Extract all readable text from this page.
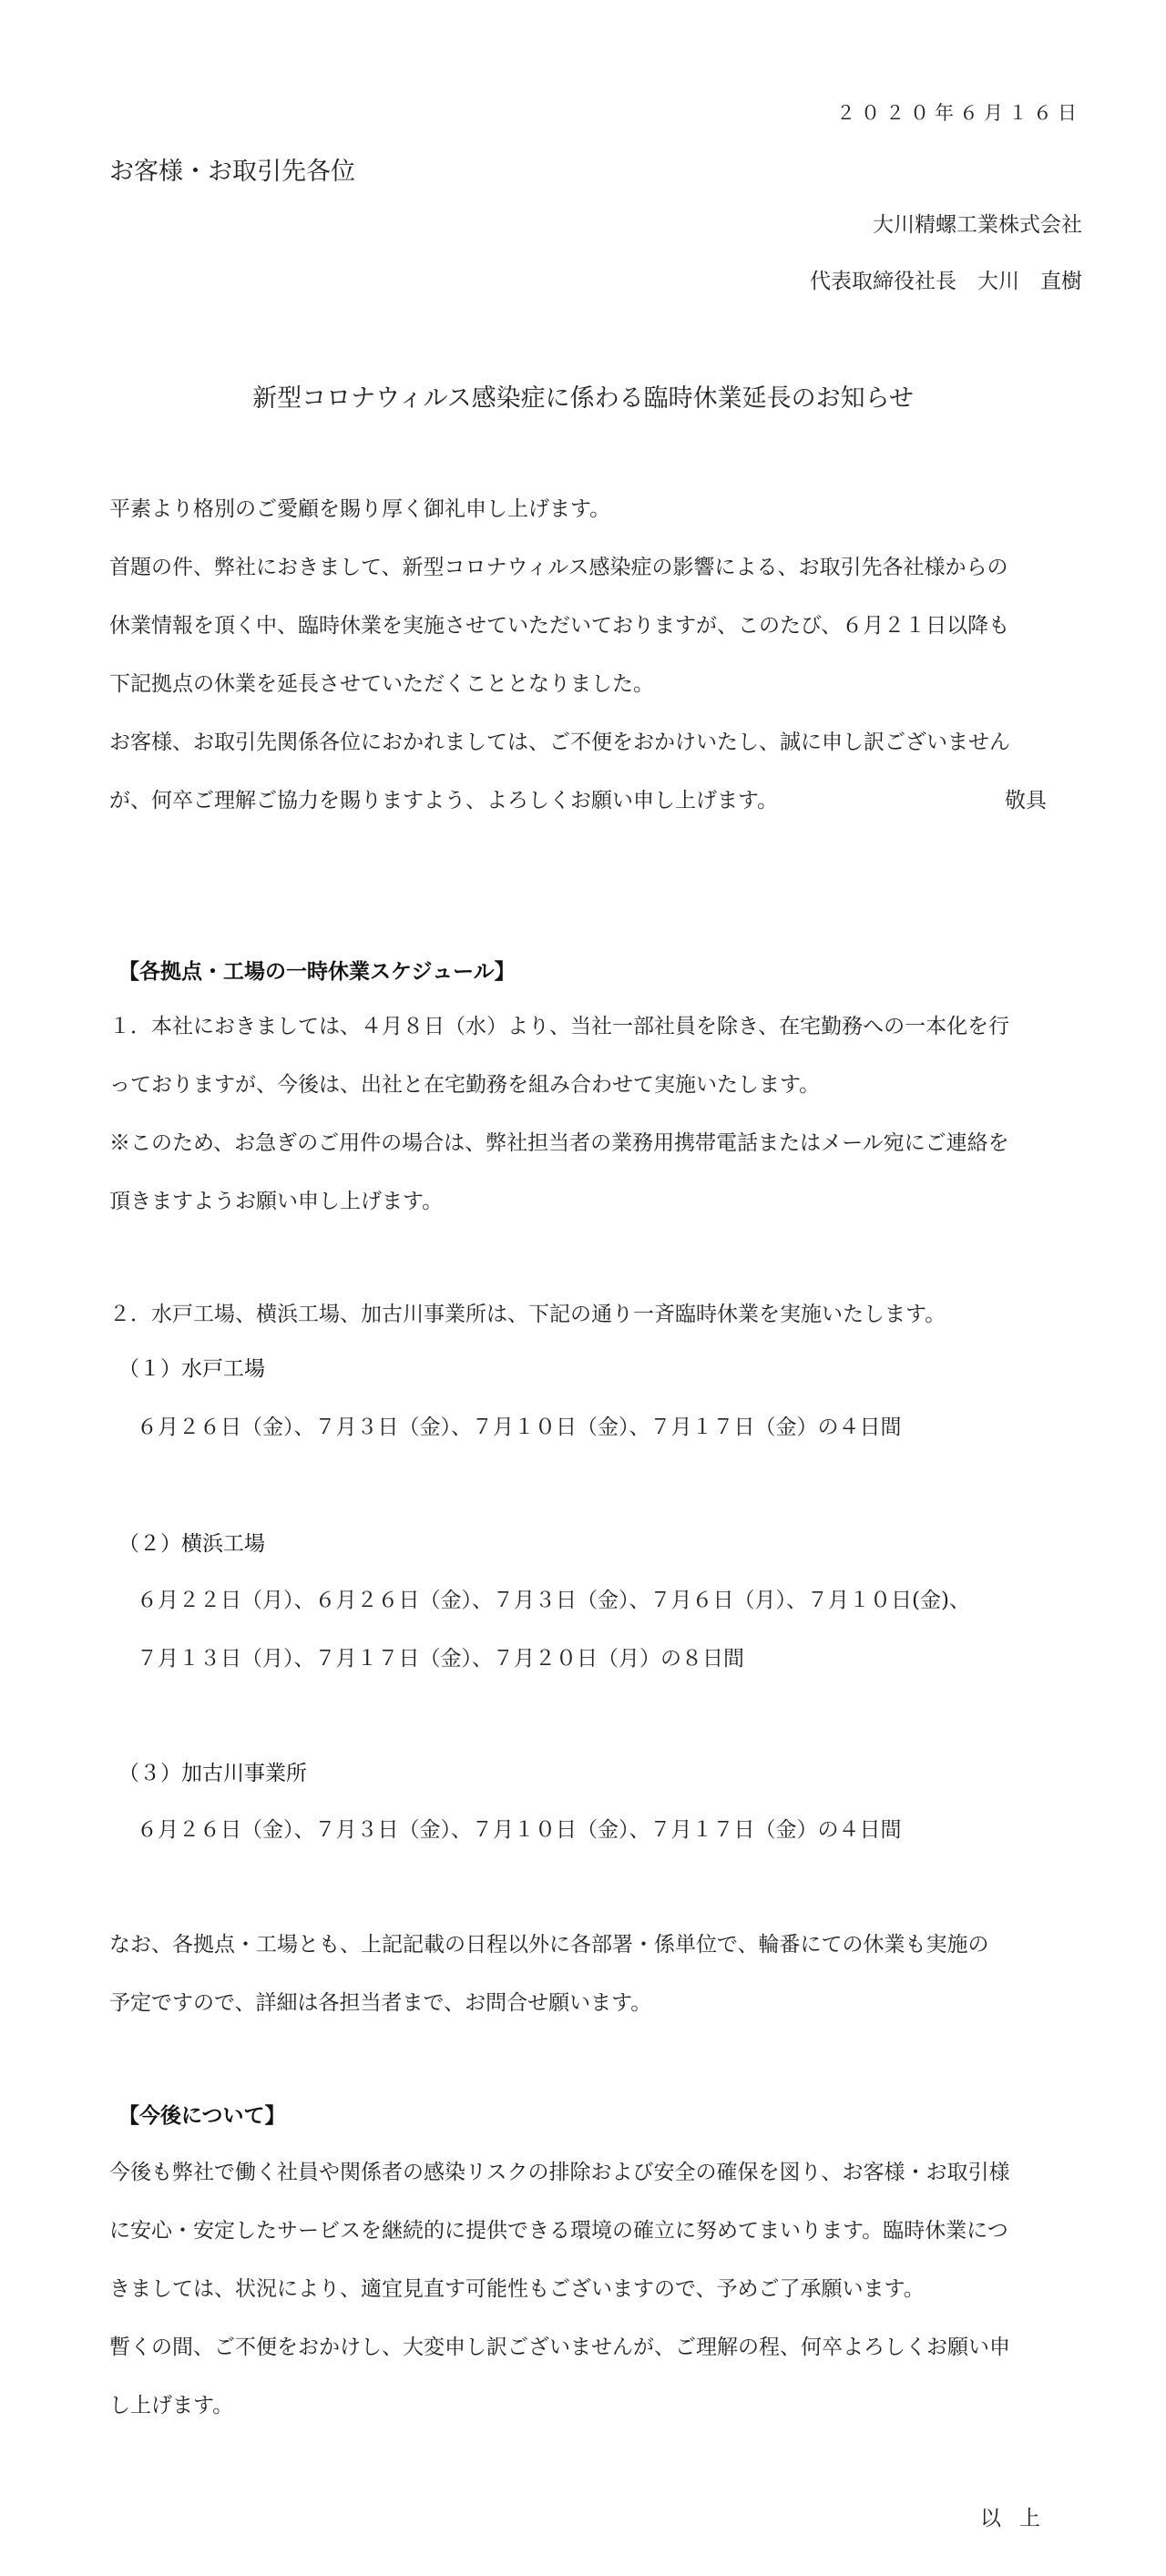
２０２０年６月１６日

お客様・お取引先各位

大川精螺工業株式会社

代表取締役社長　大川　直樹

新型コロナウィルス感染症に係わる臨時休業延長のお知らせ

平素より格別のご愛顧を賜り厚く御礼申し上げます。

首題の件、弊社におきまして、新型コロナウィルス感染症の影響による、お取引先各社様からの

休業情報を頂く中、臨時休業を実施させていただいておりますが、このたび、６月２１日以降も

下記拠点の休業を延長させていただくこととなりました。

お客様、お取引先関係各位におかれましては、ご不便をおかけいたし、誠に申し訳ございません

が、何卒ご理解ご協力を賜りますよう、よろしくお願い申し上げます。	敬具

【各拠点・工場の一時休業スケジュール】

１．本社におきましては、４月８日（水）より、当社一部社員を除き、在宅勤務への一本化を行

っておりますが、今後は、出社と在宅勤務を組み合わせて実施いたします。

※このため、お急ぎのご用件の場合は、弊社担当者の業務用携帯電話またはメール宛にご連絡を

頂きますようお願い申し上げます。

２．水戸工場、横浜工場、加古川事業所は、下記の通り一斉臨時休業を実施いたします。

（１）水戸工場

６月２６日（金）、７月３日（金）、７月１０日（金）、７月１７日（金）の４日間

（２）横浜工場

６月２２日（月）、６月２６日（金）、７月３日（金）、７月６日（月）、７月１０日(金)、

７月１３日（月）、７月１７日（金）、７月２０日（月）の８日間

（３）加古川事業所

６月２６日（金）、７月３日（金）、７月１０日（金）、７月１７日（金）の４日間

なお、各拠点・工場とも、上記記載の日程以外に各部署・係単位で、輪番にての休業も実施の

予定ですので、詳細は各担当者まで、お問合せ願います。

【今後について】

今後も弊社で働く社員や関係者の感染リスクの排除および安全の確保を図り、お客様・お取引様

に安心・安定したサービスを継続的に提供できる環境の確立に努めてまいります。臨時休業につ

きましては、状況により、適宜見直す可能性もございますので、予めご了承願います。

暫くの間、ご不便をおかけし、大変申し訳ございませんが、ご理解の程、何卒よろしくお願い申

し上げます。

以上
